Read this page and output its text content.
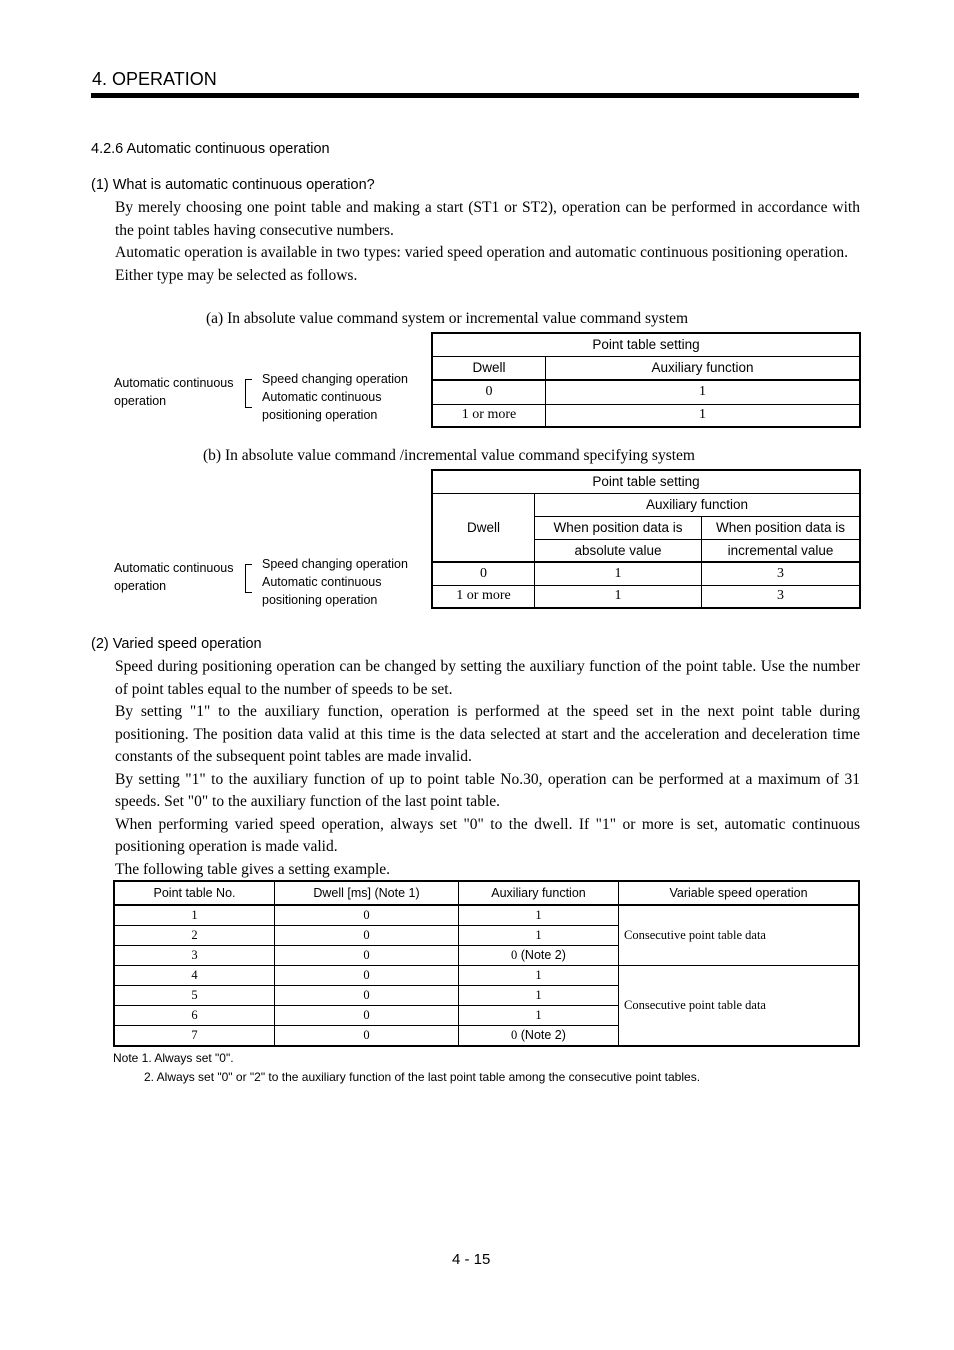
4. OPERATION
4.2.6 Automatic continuous operation
(1) What is automatic continuous operation?

By merely choosing one point table and making a start (ST1 or ST2), operation can be performed in accordance with the point tables having consecutive numbers.

Automatic operation is available in two types: varied speed operation and automatic continuous positioning operation.

Either type may be selected as follows.

(a) In absolute value command system or incremental value command system
Automatic continuous
operation
Speed changing operation
Automatic continuous
positioning operation
Point table setting	
Dwell	Auxiliary function
0	1
1 or more	1
(b) In absolute value command /incremental value command specifying system
Automatic continuous
operation
Speed changing operation
Automatic continuous
positioning operation
Point table setting		
Dwell	Auxiliary function	
	When position data is	When position data is
	absolute value	incremental value
0	1	3
1 or more	1	3
(2) Varied speed operation

Speed during positioning operation can be changed by setting the auxiliary function of the point table. Use the number of point tables equal to the number of speeds to be set.

By setting "1" to the auxiliary function, operation is performed at the speed set in the next point table during positioning. The position data valid at this time is the data selected at start and the acceleration and deceleration time constants of the subsequent point tables are made invalid.

By setting "1" to the auxiliary function of up to point table No.30, operation can be performed at a maximum of 31 speeds. Set "0" to the auxiliary function of the last point table.

When performing varied speed operation, always set "0" to the dwell. If "1" or more is set, automatic continuous positioning operation is made valid.

The following table gives a setting example.

Point table No.	Dwell [ms] (Note 1)	Auxiliary function	Variable speed operation
1	0	1	Consecutive point table data
2	0	1	
3	0	0 (Note 2)	
4	0	1	Consecutive point table data
5	0	1	
6	0	1	
7	0	0 (Note 2)	
Note 1. Always set "0".
2. Always set "0" or "2" to the auxiliary function of the last point table among the consecutive point tables.
4 - 15
